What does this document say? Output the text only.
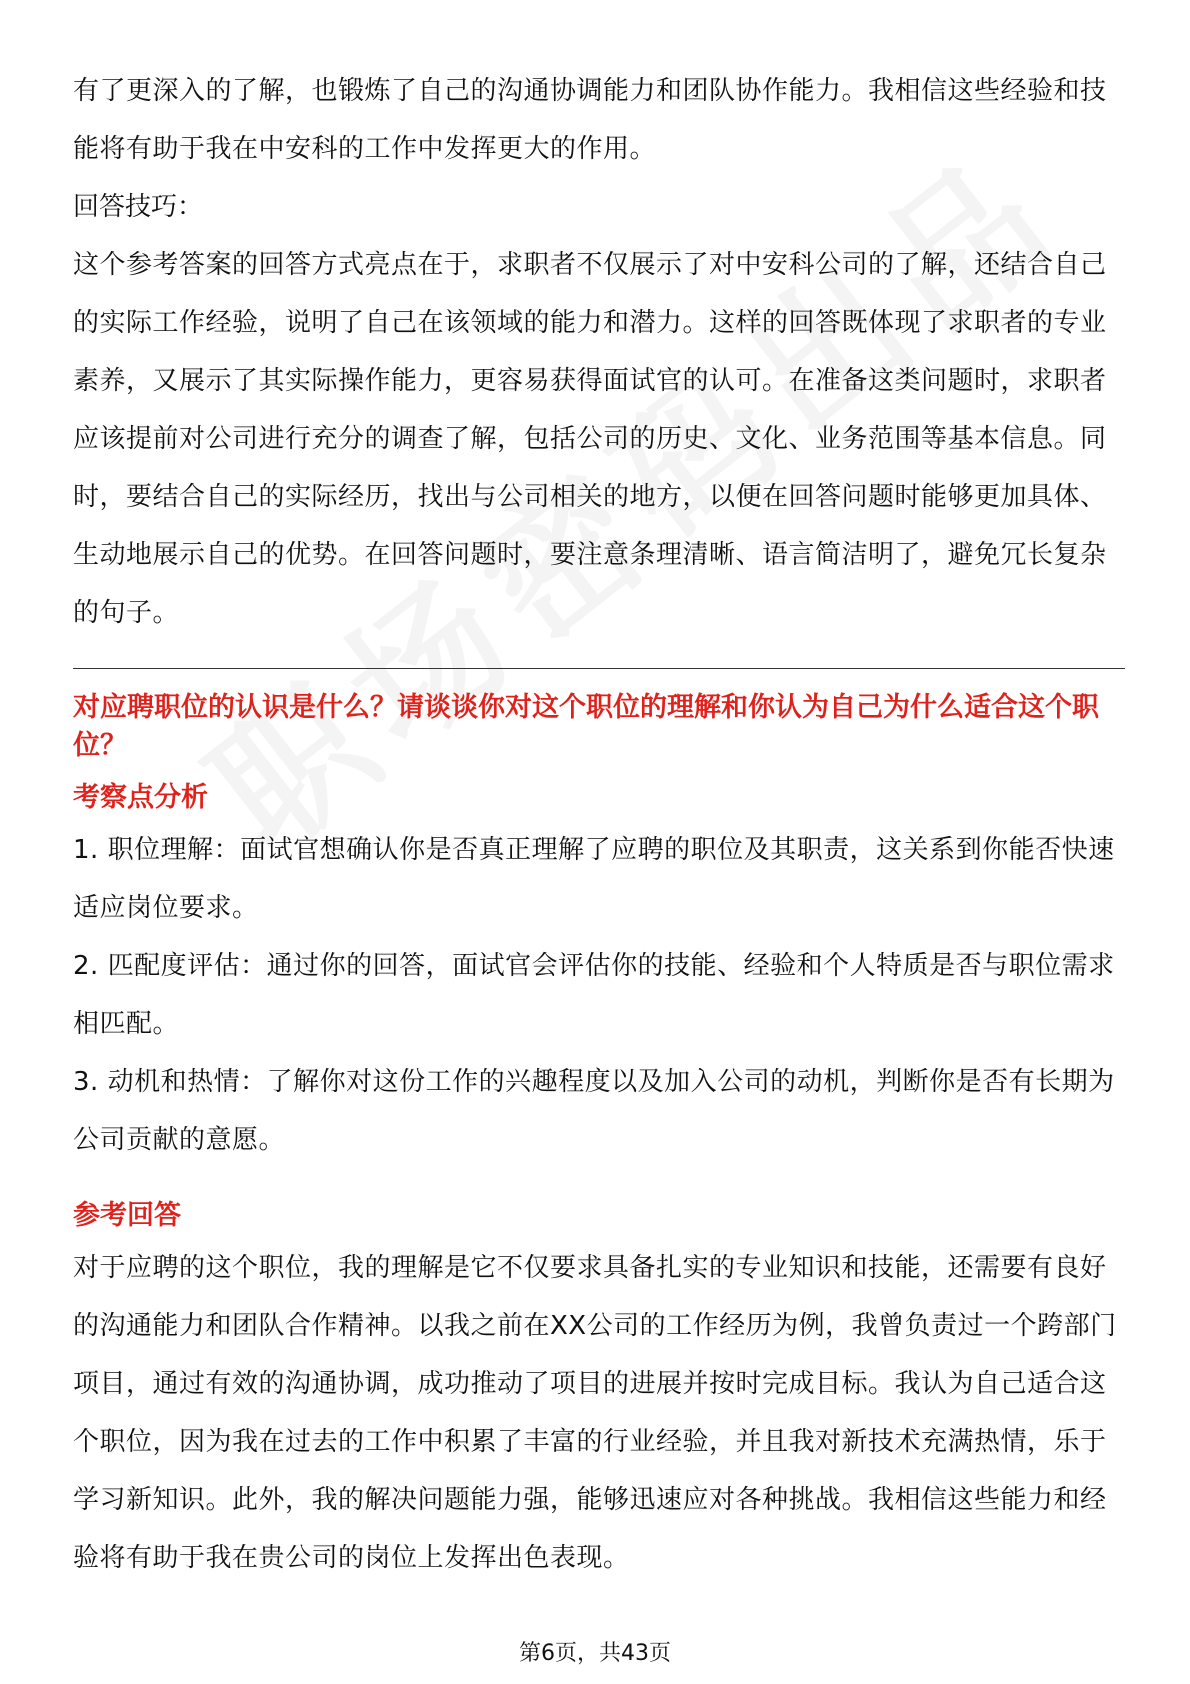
有了更深入的了解，也锻炼了自己的沟通协调能力和团队协作能力。我相信这些经验和技能将有助于我在中安科的工作中发挥更大的作用。

回答技巧：

这个参考答案的回答方式亮点在于，求职者不仅展示了对中安科公司的了解，还结合自己的实际工作经验，说明了自己在该领域的能力和潜力。这样的回答既体现了求职者的专业素养，又展示了其实际操作能力，更容易获得面试官的认可。在准备这类问题时，求职者应该提前对公司进行充分的调查了解，包括公司的历史、文化、业务范围等基本信息。同时，要结合自己的实际经历，找出与公司相关的地方，以便在回答问题时能够更加具体、生动地展示自己的优势。在回答问题时，要注意条理清晰、语言简洁明了，避免冗长复杂的句子。

对应聘职位的认识是什么？请谈谈你对这个职位的理解和你认为自己为什么适合这个职位？

考察点分析

1. 职位理解：面试官想确认你是否真正理解了应聘的职位及其职责，这关系到你能否快速适应岗位要求。

2. 匹配度评估：通过你的回答，面试官会评估你的技能、经验和个人特质是否与职位需求相匹配。

3. 动机和热情：了解你对这份工作的兴趣程度以及加入公司的动机，判断你是否有长期为公司贡献的意愿。

参考回答

对于应聘的这个职位，我的理解是它不仅要求具备扎实的专业知识和技能，还需要有良好的沟通能力和团队合作精神。以我之前在XX公司的工作经历为例，我曾负责过一个跨部门项目，通过有效的沟通协调，成功推动了项目的进展并按时完成目标。我认为自己适合这个职位，因为我在过去的工作中积累了丰富的行业经验，并且我对新技术充满热情，乐于学习新知识。此外，我的解决问题能力强，能够迅速应对各种挑战。我相信这些能力和经验将有助于我在贵公司的岗位上发挥出色表现。

第6页，共43页
